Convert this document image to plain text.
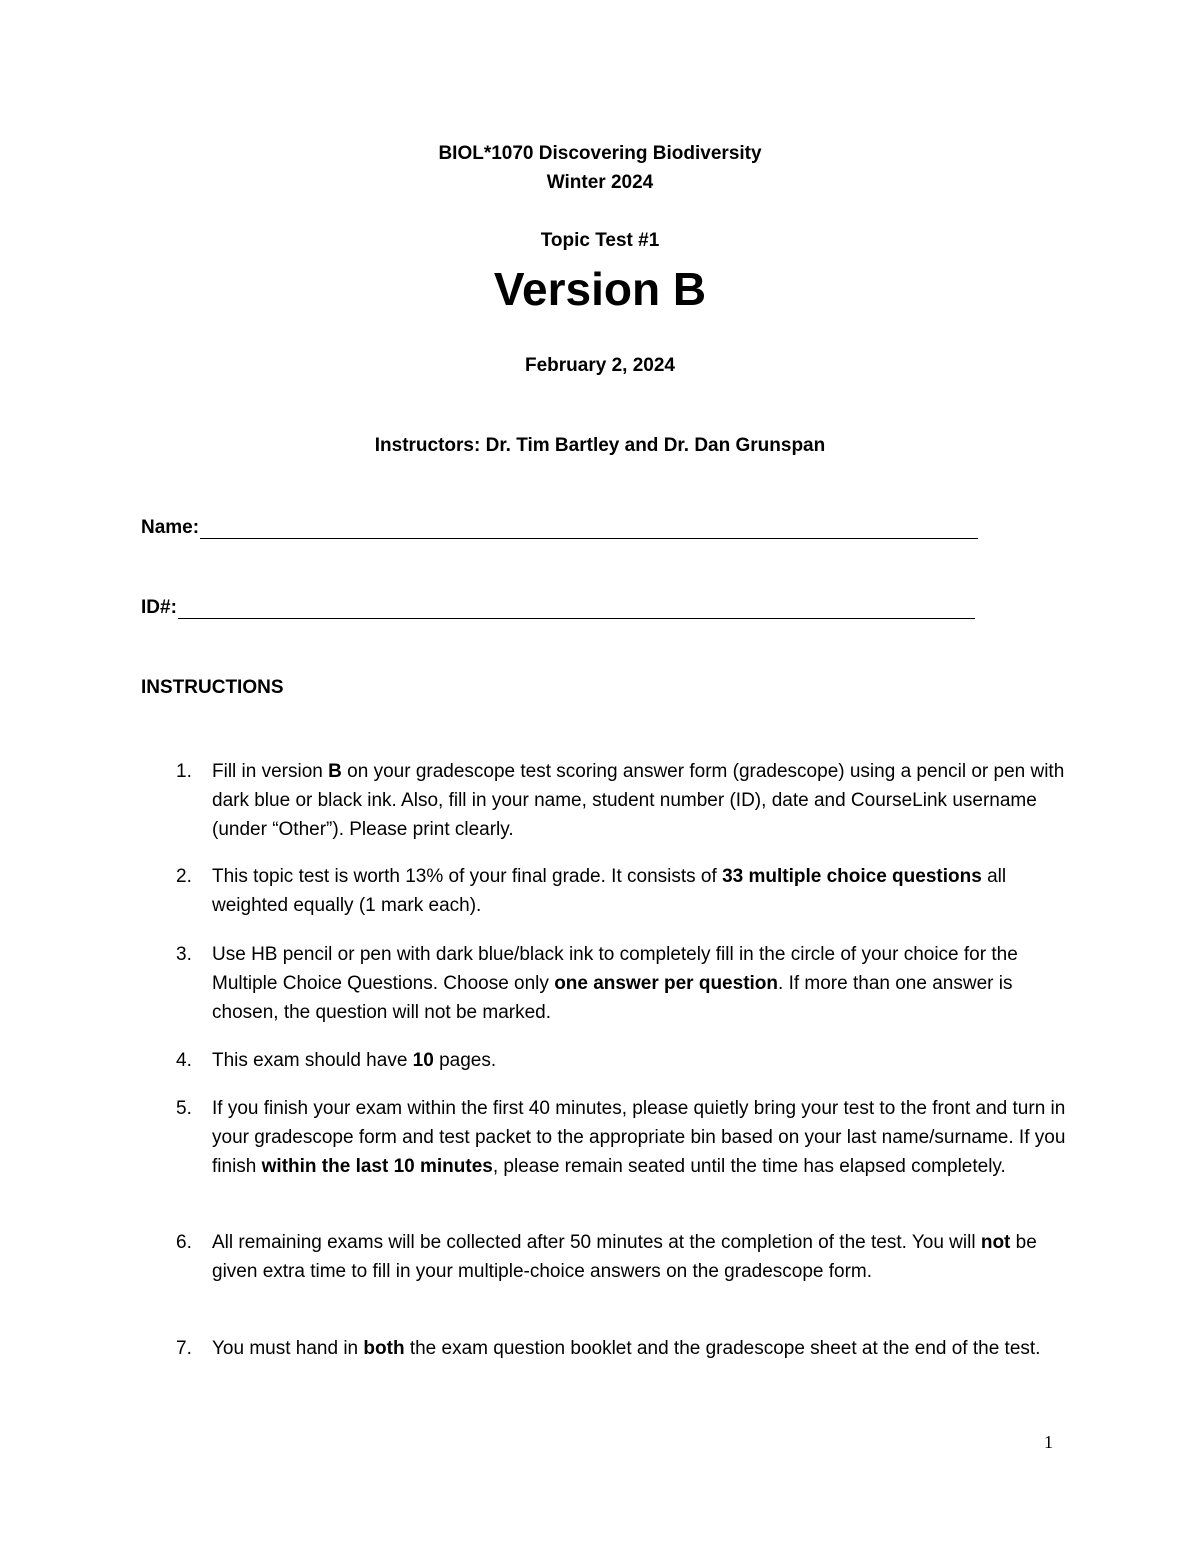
BIOL*1070 Discovering Biodiversity
Winter 2024
Topic Test #1
Version B
February 2, 2024
Instructors: Dr. Tim Bartley and Dr. Dan Grunspan
Name:
ID#:
INSTRUCTIONS
1. Fill in version B on your gradescope test scoring answer form (gradescope) using a pencil or pen with dark blue or black ink. Also, fill in your name, student number (ID), date and CourseLink username (under “Other”). Please print clearly.
2. This topic test is worth 13% of your final grade. It consists of 33 multiple choice questions all weighted equally (1 mark each).
3. Use HB pencil or pen with dark blue/black ink to completely fill in the circle of your choice for the Multiple Choice Questions. Choose only one answer per question. If more than one answer is chosen, the question will not be marked.
4. This exam should have 10 pages.
5. If you finish your exam within the first 40 minutes, please quietly bring your test to the front and turn in your gradescope form and test packet to the appropriate bin based on your last name/surname. If you finish within the last 10 minutes, please remain seated until the time has elapsed completely.
6. All remaining exams will be collected after 50 minutes at the completion of the test. You will not be given extra time to fill in your multiple-choice answers on the gradescope form.
7. You must hand in both the exam question booklet and the gradescope sheet at the end of the test.
1
